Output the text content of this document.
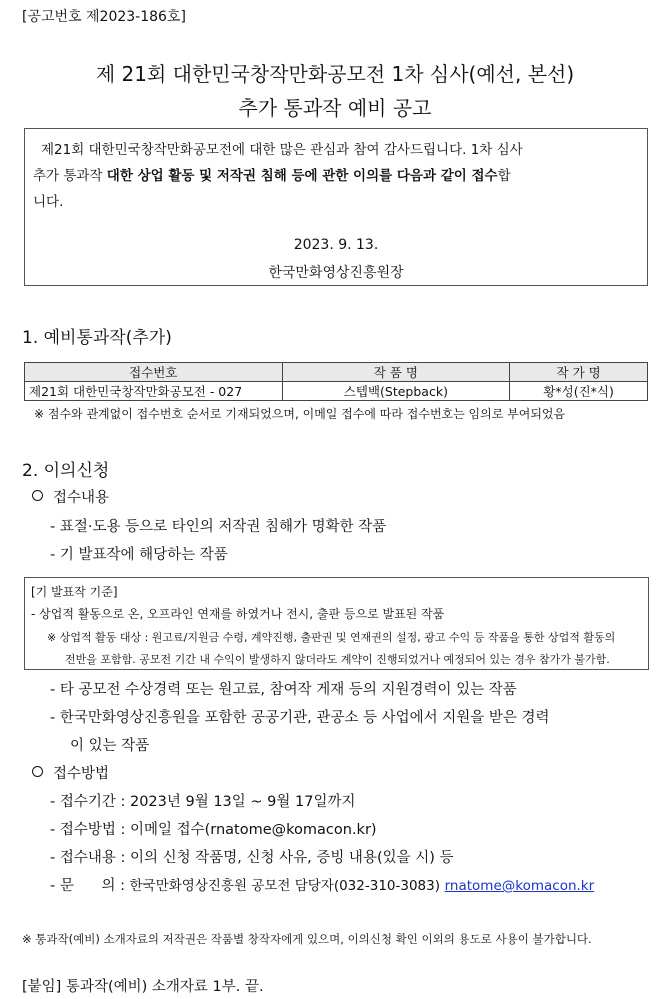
[공고번호 제2023-186호]
제 21회 대한민국창작만화공모전 1차 심사(예선, 본선)
추가 통과작 예비 공고
제21회 대한민국창작만화공모전에 대한 많은 관심과 참여 감사드립니다. 1차 심사
추가 통과작 대한 상업 활동 및 저작권 침해 등에 관한 이의를 다음과 같이 접수합
니다.
2023. 9. 13.
한국만화영상진흥원장
1. 예비통과작(추가)
접수번호	작 품 명	작 가 명
제21회 대한민국창작만화공모전 - 027	스텝백(Stepback)	황*성(진*식)
※ 점수와 관계없이 접수번호 순서로 기재되었으며, 이메일 접수에 따라 접수번호는 임의로 부여되었음
2. 이의신청
접수내용
- 표절·도용 등으로 타인의 저작권 침해가 명확한 작품
- 기 발표작에 해당하는 작품
[기 발표작 기준]
- 상업적 활동으로 온, 오프라인 연재를 하였거나 전시, 출판 등으로 발표된 작품
※ 상업적 활동 대상 : 원고료/지원금 수령, 계약진행, 출판권 및 연재권의 설정, 광고 수익 등 작품을 통한 상업적 활동의
전반을 포함함. 공모전 기간 내 수익이 발생하지 않더라도 계약이 진행되었거나 예정되어 있는 경우 참가가 불가함.
- 타 공모전 수상경력 또는 원고료, 참여작 게재 등의 지원경력이 있는 작품
- 한국만화영상진흥원을 포함한 공공기관, 관공소 등 사업에서 지원을 받은 경력
이 있는 작품
접수방법
- 접수기간 : 2023년 9월 13일 ~ 9월 17일까지
- 접수방법 : 이메일 접수(rnatome@komacon.kr)
- 접수내용 : 이의 신청 작품명, 신청 사유, 증빙 내용(있을 시) 등
- 문      의 : 한국만화영상진흥원 공모전 담당자(032-310-3083) rnatome@komacon.kr
※ 통과작(예비) 소개자료의 저작권은 작품별 창작자에게 있으며, 이의신청 확인 이외의 용도로 사용이 불가합니다.
[붙임] 통과작(예비) 소개자료 1부. 끝.
